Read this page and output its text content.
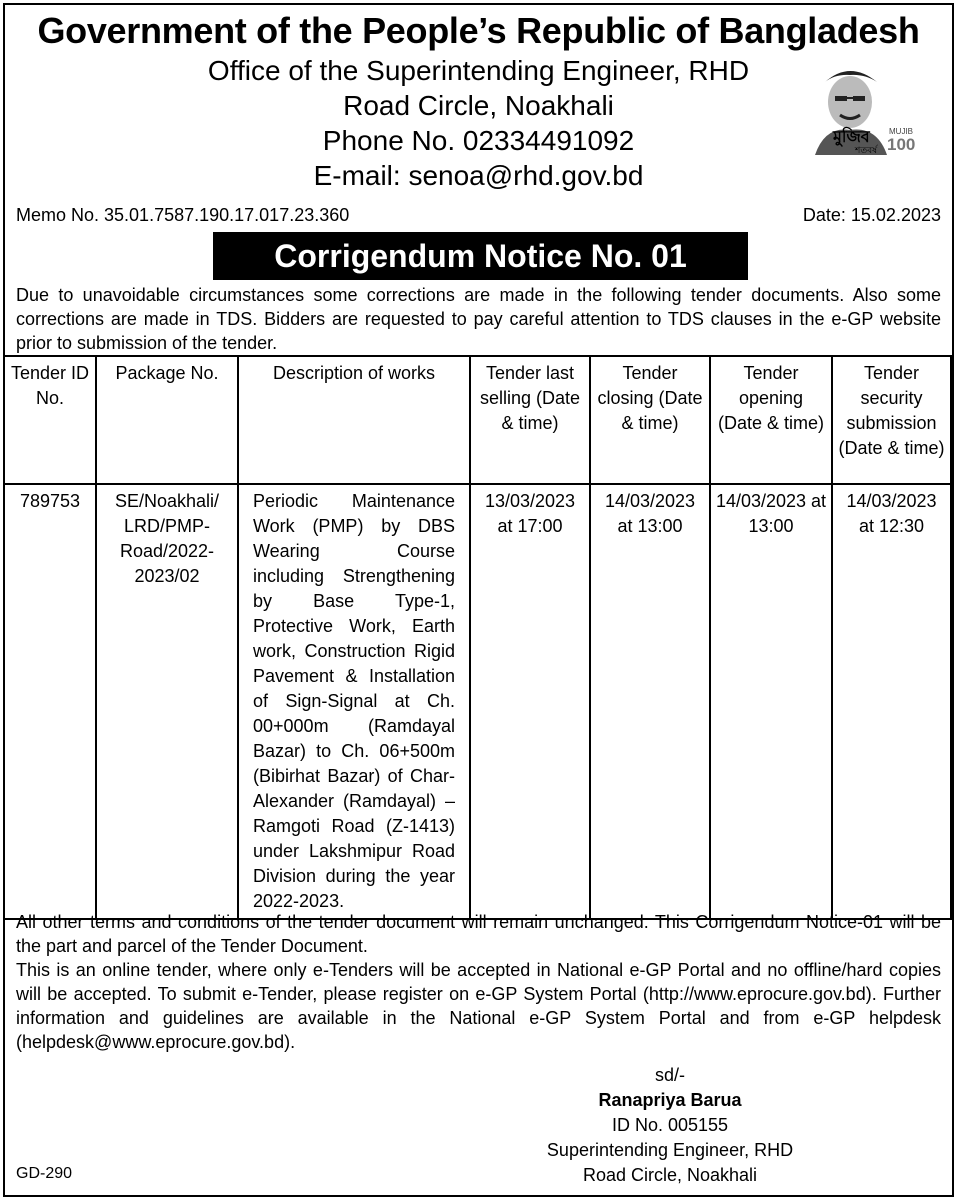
Government of the People’s Republic of Bangladesh
Office of the Superintending Engineer, RHD
Road Circle, Noakhali
Phone No. 02334491092
E-mail: senoa@rhd.gov.bd
মুজিব
শতবর্ষ
MUJIB
100
Memo No. 35.01.7587.190.17.017.23.360	Date: 15.02.2023
Corrigendum Notice No. 01
Due to unavoidable circumstances some corrections are made in the following tender documents. Also some corrections are made in TDS. Bidders are requested to pay careful attention to TDS clauses in the e-GP website prior to submission of the tender.
Tender ID No.	Package No.	Description of works	Tender last selling (Date & time)	Tender closing (Date & time)	Tender opening (Date & time)	Tender security submission (Date & time)
789753	SE/Noakhali/ LRD/PMP- Road/2022- 2023/02	Periodic Maintenance Work (PMP) by DBS Wearing Course including Strengthening by Base Type-1, Protective Work, Earth work, Construction Rigid Pavement & Installation of Sign-Signal at Ch. 00+000m (Ramdayal Bazar) to Ch. 06+500m (Bibirhat Bazar) of Char-Alexander (Ramdayal) – Ramgoti Road (Z-1413) under Lakshmipur Road Division during the year 2022-2023.	13/03/2023 at 17:00	14/03/2023 at 13:00	14/03/2023 at 13:00	14/03/2023 at 12:30

All other terms and conditions of the tender document will remain unchanged. This Corrigendum Notice-01 will be the part and parcel of the Tender Document.

This is an online tender, where only e-Tenders will be accepted in National e-GP Portal and no offline/hard copies will be accepted. To submit e-Tender, please register on e-GP System Portal (http://www.eprocure.gov.bd). Further information and guidelines are available in the National e-GP System Portal and from e-GP helpdesk (helpdesk@www.eprocure.gov.bd).

sd/-
Ranapriya Barua
ID No. 005155
Superintending Engineer, RHD
Road Circle, Noakhali
GD-290
